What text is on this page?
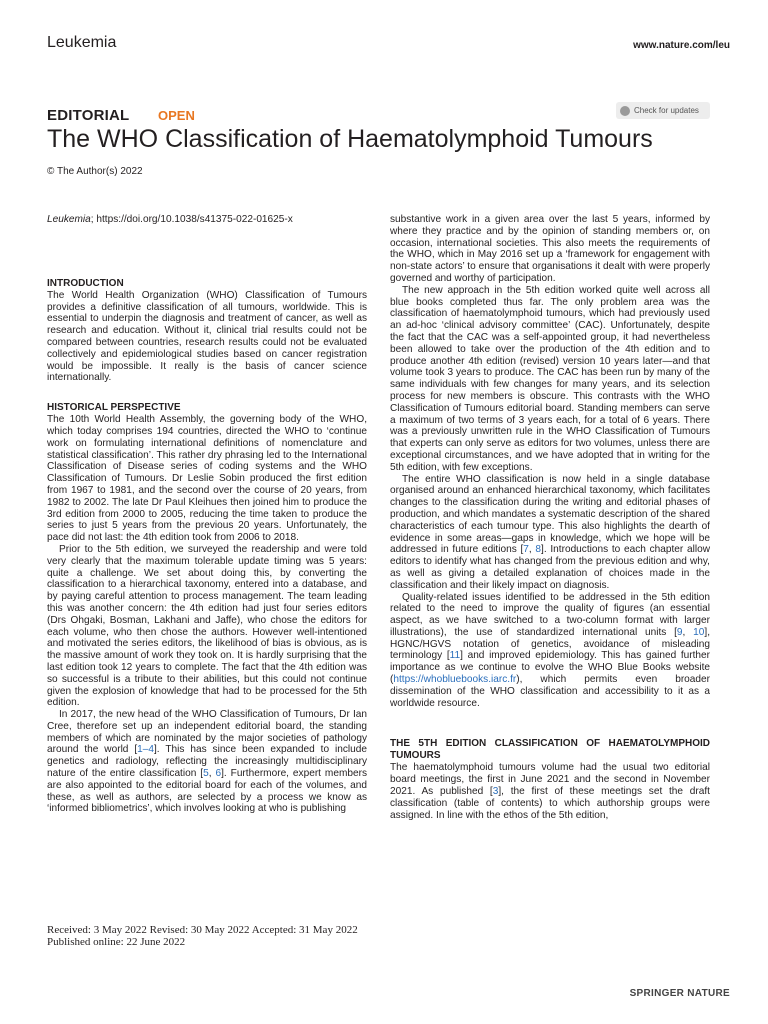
Leukemia	www.nature.com/leu
EDITORIAL OPEN	Check for updates
The WHO Classification of Haematolymphoid Tumours
© The Author(s) 2022

Leukemia; https://doi.org/10.1038/s41375-022-01625-x

INTRODUCTION

The World Health Organization (WHO) Classification of Tumours provides a definitive classification of all tumours, worldwide. This is essential to underpin the diagnosis and treatment of cancer, as well as research and education. Without it, clinical trial results could not be compared between countries, research results could not be evaluated collectively and epidemiological studies based on cancer registration would be impossible. It really is the basis of cancer science internationally.

HISTORICAL PERSPECTIVE

The 10th World Health Assembly, the governing body of the WHO, which today comprises 194 countries, directed the WHO to ‘continue work on formulating international definitions of nomenclature and statistical classification’. This rather dry phrasing led to the International Classification of Disease series of coding systems and the WHO Classification of Tumours. Dr Leslie Sobin produced the first edition from 1967 to 1981, and the second over the course of 20 years, from 1982 to 2002. The late Dr Paul Kleihues then joined him to produce the 3rd edition from 2000 to 2005, reducing the time taken to produce the series to just 5 years from the previous 20 years. Unfortunately, the pace did not last: the 4th edition took from 2006 to 2018.

Prior to the 5th edition, we surveyed the readership and were told very clearly that the maximum tolerable update timing was 5 years: quite a challenge. We set about doing this, by converting the classification to a hierarchical taxonomy, entered into a database, and by paying careful attention to process management. The team leading this was another concern: the 4th edition had just four series editors (Drs Ohgaki, Bosman, Lakhani and Jaffe), who chose the editors for each volume, who then chose the authors. However well-intentioned and motivated the series editors, the likelihood of bias is obvious, as is the massive amount of work they took on. It is hardly surprising that the last edition took 12 years to complete. The fact that the 4th edition was so successful is a tribute to their abilities, but this could not continue given the explosion of knowledge that had to be processed for the 5th edition.

In 2017, the new head of the WHO Classification of Tumours, Dr Ian Cree, therefore set up an independent editorial board, the standing members of which are nominated by the major societies of pathology around the world [1–4]. This has since been expanded to include genetics and radiology, reflecting the increasingly multidisciplinary nature of the entire classification [5, 6]. Furthermore, expert members are also appointed to the editorial board for each of the volumes, and these, as well as authors, are selected by a process we know as ‘informed bibliometrics’, which involves looking at who is publishing

substantive work in a given area over the last 5 years, informed by where they practice and by the opinion of standing members or, on occasion, international societies. This also meets the requirements of the WHO, which in May 2016 set up a ‘framework for engagement with non-state actors’ to ensure that organisations it dealt with were properly governed and worthy of participation.

The new approach in the 5th edition worked quite well across all blue books completed thus far. The only problem area was the classification of haematolymphoid tumours, which had previously used an ad-hoc ‘clinical advisory committee’ (CAC). Unfortunately, despite the fact that the CAC was a self-appointed group, it had nevertheless been allowed to take over the production of the 4th edition and to produce another 4th edition (revised) version 10 years later—and that volume took 3 years to produce. The CAC has been run by many of the same individuals with few changes for many years, and its selection process for new members is obscure. This contrasts with the WHO Classification of Tumours editorial board. Standing members can serve a maximum of two terms of 3 years each, for a total of 6 years. There was a previously unwritten rule in the WHO Classification of Tumours that experts can only serve as editors for two volumes, unless there are exceptional circumstances, and we have adopted that in writing for the 5th edition, with few exceptions.

The entire WHO classification is now held in a single database organised around an enhanced hierarchical taxonomy, which facilitates changes to the classification during the writing and editorial phases of production, and which mandates a systematic description of the shared characteristics of each tumour type. This also highlights the dearth of evidence in some areas—gaps in knowledge, which we hope will be addressed in future editions [7, 8]. Introductions to each chapter allow editors to identify what has changed from the previous edition and why, as well as giving a detailed explanation of choices made in the classification and their likely impact on diagnosis.

Quality-related issues identified to be addressed in the 5th edition related to the need to improve the quality of figures (an essential aspect, as we have switched to a two-column format with larger illustrations), the use of standardized international units [9, 10], HGNC/HGVS notation of genetics, avoidance of misleading terminology [11] and improved epidemiology. This has gained further importance as we continue to evolve the WHO Blue Books website (https://whobluebooks.iarc.fr), which permits even broader dissemination of the WHO classification and accessibility to it as a worldwide resource.

THE 5TH EDITION CLASSIFICATION OF HAEMATOLYMPHOID TUMOURS

The haematolymphoid tumours volume had the usual two editorial board meetings, the first in June 2021 and the second in November 2021. As published [3], the first of these meetings set the draft classification (table of contents) to which authorship groups were assigned. In line with the ethos of the 5th edition,

Received: 3 May 2022 Revised: 30 May 2022 Accepted: 31 May 2022
Published online: 22 June 2022
SPRINGER NATURE
